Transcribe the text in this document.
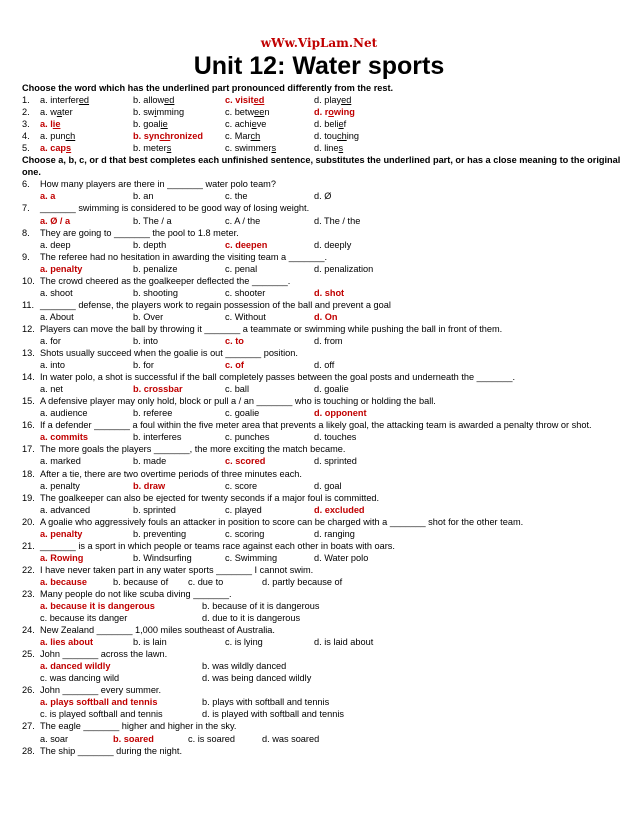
wWw.VipLam.Net
Unit 12: Water sports
Choose the word which has the underlined part pronounced differently from the rest.
1. a. interfered	b. allowed	c. visited	d. played
2. a. water	b. swimming	c. between	d. rowing
3. a. lie	b. goalie	c. achieve	d. belief
4. a. punch	b. synchronized c. March	d. touching
5. a. caps	b. meters	c. swimmers	d. lines
Choose a, b, c, or d that best completes each unfinished sentence, substitutes the underlined part, or has a close meaning to the original one.
6. How many players are there in _______ water polo team?
a. a	b. an	c. the	d. Ø
7. _______ swimming is considered to be good way of losing weight.
a. Ø / a	b. The / a	c. A / the	d. The / the
8. They are going to _______ the pool to 1.8 meter.
a. deep	b. depth	c. deepen	d. deeply
9. The referee had no hesitation in awarding the visiting team a _______.
a. penalty	b. penalize	c. penal	d. penalization
10. The crowd cheered as the goalkeeper deflected the _______.
a. shoot	b. shooting	c. shooter	d. shot
11. _______ defense, the players work to regain possession of the ball and prevent a goal
a. About	b. Over	c. Without	d. On
12. Players can move the ball by throwing it _______ a teammate or swimming while pushing the ball in front of them.
a. for	b. into	c. to	d. from
13. Shots usually succeed when the goalie is out _______ position.
a. into	b. for	c. of	d. off
14. In water polo, a shot is successful if the ball completely passes between the goal posts and underneath the _______.
a. net	b. crossbar	c. ball	d. goalie
15. A defensive player may only hold, block or pull a / an _______ who is touching or holding the ball.
a. audience	b. referee	c. goalie	d. opponent
16. If a defender _______ a foul within the five meter area that prevents a likely goal, the attacking team is awarded a penalty throw or shot.
a. commits	b. interferes	c. punches	d. touches
17. The more goals the players _______, the more exciting the match became.
a. marked	b. made	c. scored	d. sprinted
18. After a tie, there are two overtime periods of three minutes each.
a. penalty	b. draw	c. score	d. goal
19. The goalkeeper can also be ejected for twenty seconds if a major foul is committed.
a. advanced	b. sprinted	c. played	d. excluded
20. A goalie who aggressively fouls an attacker in position to score can be charged with a _______ shot for the other team.
a. penalty	b. preventing	c. scoring	d. ranging
21. _______ is a sport in which people or teams race against each other in boats with oars.
a. Rowing	b. Windsurfing	c. Swimming	d. Water polo
22. I have never taken part in any water sports _______ I cannot swim.
a. because	b. because of c. due to	d. partly because of
23. Many people do not like scuba diving _______.
a. because it is dangerous	b. because of it is dangerous
c. because its danger	d. due to it is dangerous
24. New Zealand _______ 1,000 miles southeast of Australia.
a. lies about	b. is lain	c. is lying	d. is laid about
25. John _______ across the lawn.
a. danced wildly	b. was wildly danced
c. was dancing wild	d. was being danced wildly
26. John _______ every summer.
a. plays softball and tennis	b. plays with softball and tennis
c. is played softball and tennis	d. is played with softball and tennis
27. The eagle _______ higher and higher in the sky.
a. soar	b. soared	c. is soared	d. was soared
28. The ship _______ during the night.
